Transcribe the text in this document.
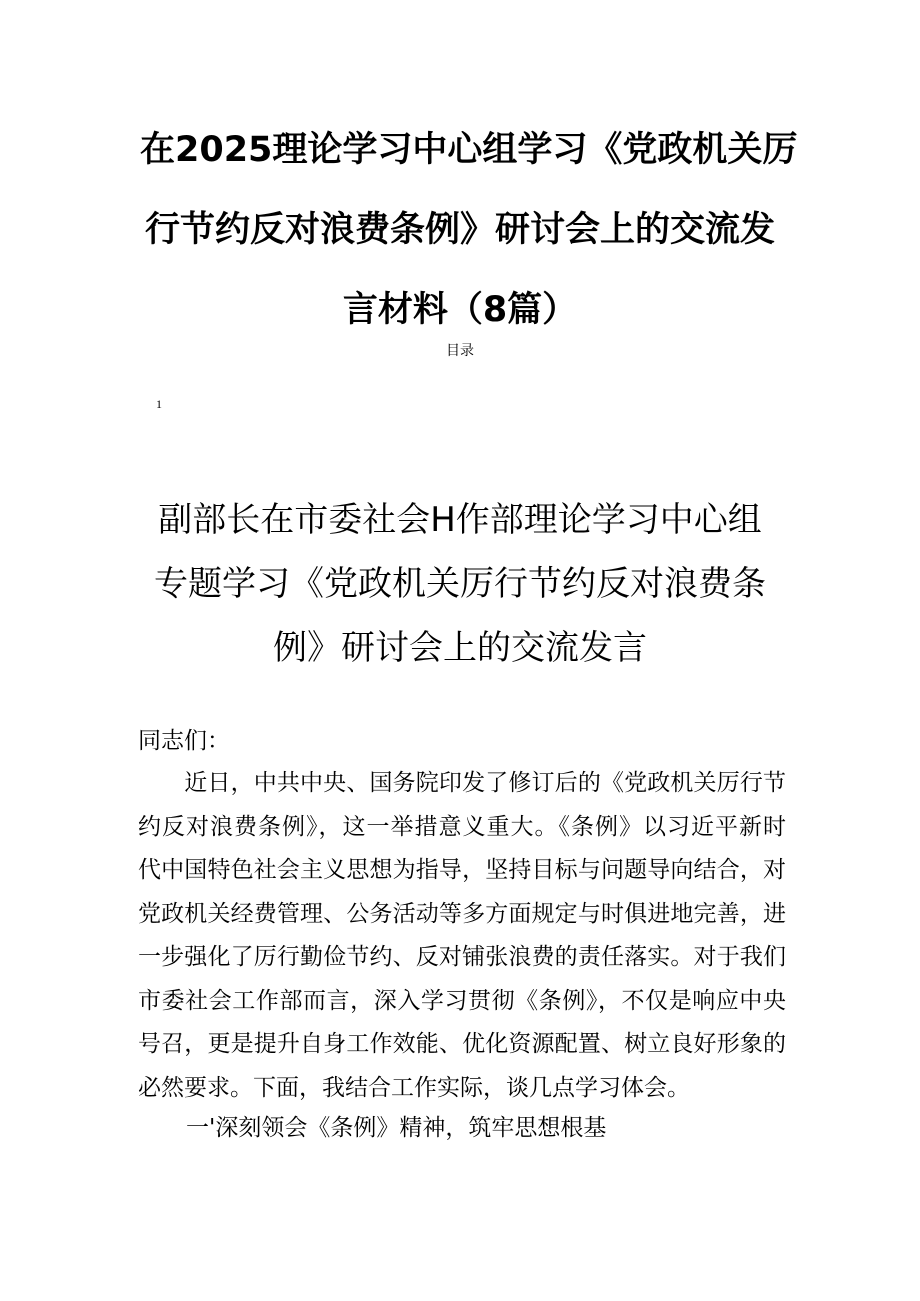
在2025理论学习中心组学习《党政机关厉
行节约反对浪费条例》研讨会上的交流发
言材料（8篇）
目录
1
副部长在市委社会H作部理论学习中心组
专题学习《党政机关厉行节约反对浪费条
例》研讨会上的交流发言
同志们：
　　近日，中共中央、国务院印发了修订后的《党政机关厉行节
约反对浪费条例》，这一举措意义重大。《条例》以习近平新时
代中国特色社会主义思想为指导，坚持目标与问题导向结合，对
党政机关经费管理、公务活动等多方面规定与时俱进地完善，进
一步强化了厉行勤俭节约、反对铺张浪费的责任落实。对于我们
市委社会工作部而言，深入学习贯彻《条例》，不仅是响应中央
号召，更是提升自身工作效能、优化资源配置、树立良好形象的
必然要求。下面，我结合工作实际，谈几点学习体会。
一'深刻领会《条例》精神，筑牢思想根基
